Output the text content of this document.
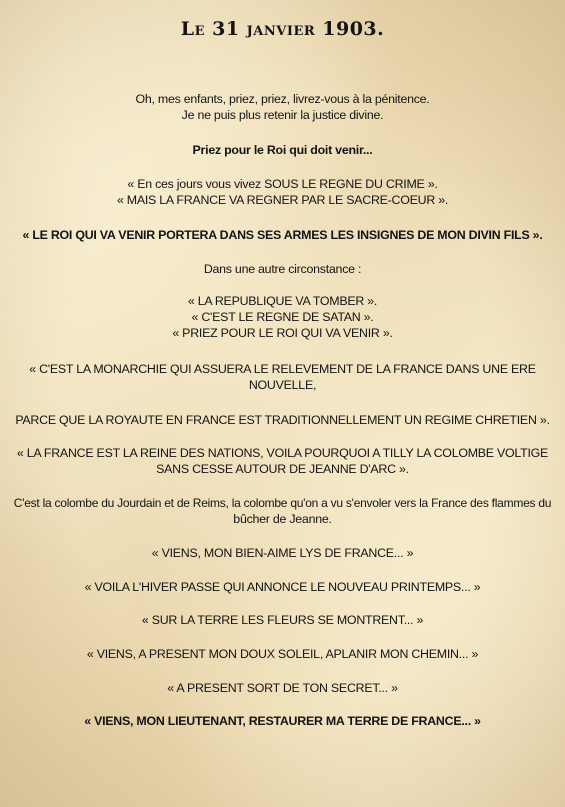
Le 31 janvier 1903.
Oh, mes enfants, priez, priez, livrez-vous à la pénitence.
Je ne puis plus retenir la justice divine.
Priez pour le Roi qui doit venir...
« En ces jours vous vivez SOUS LE REGNE DU CRIME ».
« MAIS LA FRANCE VA REGNER PAR LE SACRE-COEUR ».
« LE ROI QUI VA VENIR PORTERA DANS SES ARMES LES INSIGNES DE MON DIVIN FILS ».
Dans une autre circonstance :
« LA REPUBLIQUE VA TOMBER ».
« C'EST LE REGNE DE SATAN ».
« PRIEZ POUR LE ROI QUI VA VENIR ».
« C'EST LA MONARCHIE QUI ASSUERA LE RELEVEMENT DE LA FRANCE DANS UNE ERE
NOUVELLE,
PARCE QUE LA ROYAUTE EN FRANCE EST TRADITIONNELLEMENT UN REGIME CHRETIEN ».
« LA FRANCE EST LA REINE DES NATIONS, VOILA POURQUOI A TILLY LA COLOMBE VOLTIGE
SANS CESSE AUTOUR DE JEANNE D'ARC ».
C'est la colombe du Jourdain et de Reims, la colombe qu'on a vu s'envoler vers la France des flammes du
bûcher de Jeanne.
« VIENS, MON BIEN-AIME LYS DE FRANCE... »
« VOILA L'HIVER PASSE QUI ANNONCE LE NOUVEAU PRINTEMPS... »
« SUR LA TERRE LES FLEURS SE MONTRENT... »
« VIENS, A PRESENT MON DOUX SOLEIL, APLANIR MON CHEMIN... »
« A PRESENT SORT DE TON SECRET... »
« VIENS, MON LIEUTENANT, RESTAURER MA TERRE DE FRANCE... »
